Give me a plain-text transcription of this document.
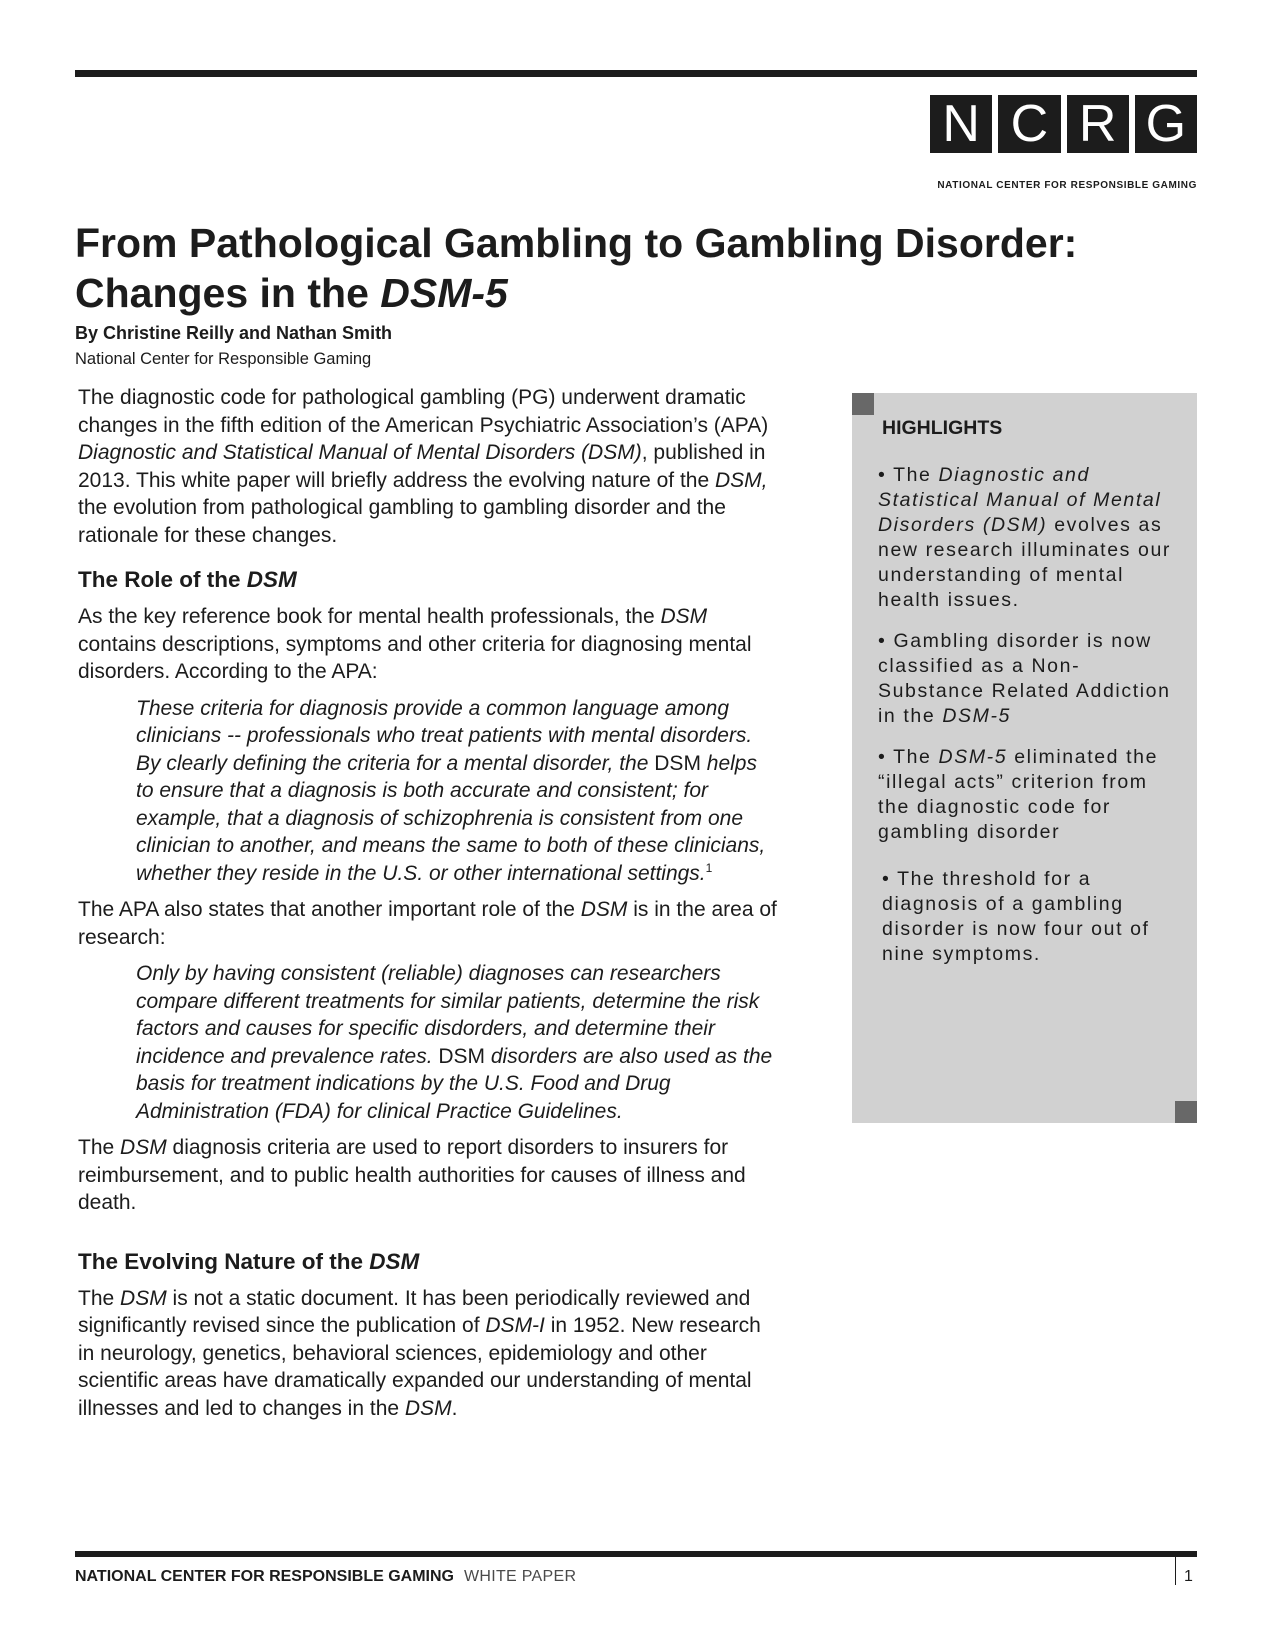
N C R G
NATIONAL CENTER FOR RESPONSIBLE GAMING
From Pathological Gambling to Gambling Disorder:
Changes in the DSM-5
By Christine Reilly and Nathan Smith
National Center for Responsible Gaming

The diagnostic code for pathological gambling (PG) underwent dramatic changes in the fifth edition of the American Psychiatric Association’s (APA) Diagnostic and Statistical Manual of Mental Disorders (DSM), published in 2013. This white paper will briefly address the evolving nature of the DSM, the evolution from pathological gambling to gambling disorder and the rationale for these changes.

The Role of the DSM

As the key reference book for mental health professionals, the DSM contains descriptions, symptoms and other criteria for diagnosing mental disorders. According to the APA:

These criteria for diagnosis provide a common language among clinicians -- professionals who treat patients with mental disorders. By clearly defining the criteria for a mental disorder, the DSM helps to ensure that a diagnosis is both accurate and consistent; for example, that a diagnosis of schizophrenia is consistent from one clinician to another, and means the same to both of these clinicians, whether they reside in the U.S. or other international settings.$^1$

The APA also states that another important role of the DSM is in the area of research:

Only by having consistent (reliable) diagnoses can researchers compare different treatments for similar patients, determine the risk factors and causes for specific disdorders, and determine their incidence and prevalence rates. DSM disorders are also used as the basis for treatment indications by the U.S. Food and Drug Administration (FDA) for clinical Practice Guidelines.

The DSM diagnosis criteria are used to report disorders to insurers for reimbursement, and to public health authorities for causes of illness and death.

The Evolving Nature of the DSM

The DSM is not a static document. It has been periodically reviewed and significantly revised since the publication of DSM-I in 1952. New research in neurology, genetics, behavioral sciences, epidemiology and other scientific areas have dramatically expanded our understanding of mental illnesses and led to changes in the DSM.

HIGHLIGHTS
• The Diagnostic and Statistical Manual of Mental Disorders (DSM) evolves as new research illuminates our understanding of mental health issues.
• Gambling disorder is now classified as a Non-Substance Related Addiction in the DSM-5
• The DSM-5 eliminated the “illegal acts” criterion from the diagnostic code for gambling disorder
• The threshold for a diagnosis of a gambling disorder is now four out of nine symptoms.
NATIONAL CENTER FOR RESPONSIBLE GAMING WHITE PAPER	1
